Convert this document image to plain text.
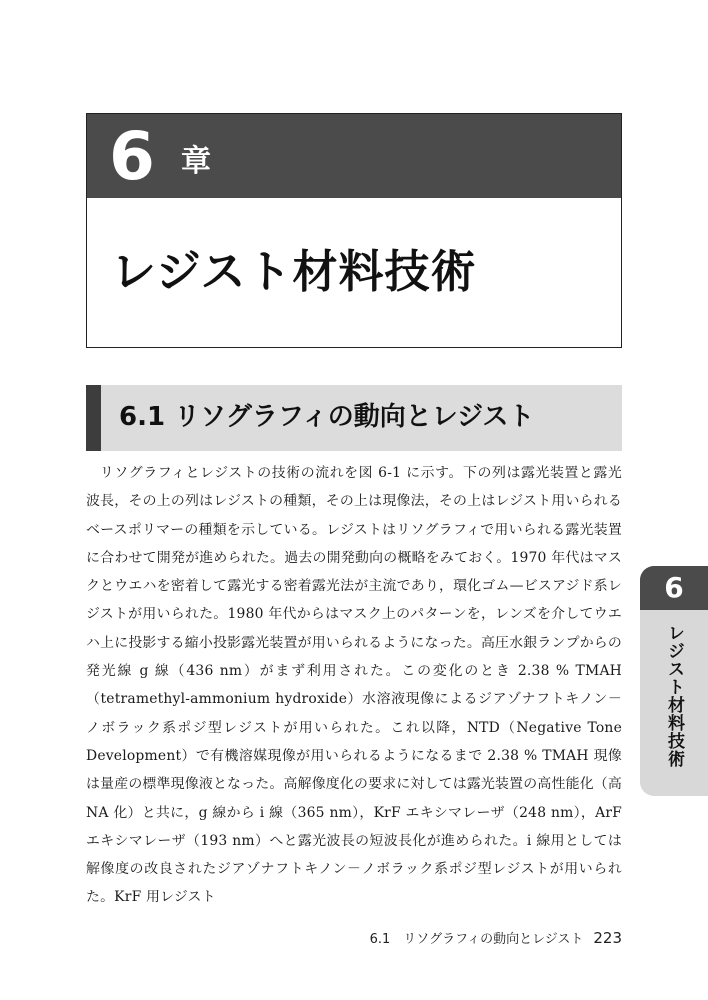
6 章
レジスト材料技術
6.1 リソグラフィの動向とレジスト

リソグラフィとレジストの技術の流れを図 6-1 に示す。下の列は露光装置と露光波長，その上の列はレジストの種類，その上は現像法，その上はレジスト用いられるベースポリマーの種類を示している。レジストはリソグラフィで用いられる露光装置に合わせて開発が進められた。過去の開発動向の概略をみておく。1970 年代はマスクとウエハを密着して露光する密着露光法が主流であり，環化ゴム—ビスアジド系レジストが用いられた。1980 年代からはマスク上のパターンを，レンズを介してウエハ上に投影する縮小投影露光装置が用いられるようになった。高圧水銀ランプからの発光線 g 線（436 nm）がまず利用された。この変化のとき 2.38 % TMAH（tetramethyl-ammonium hydroxide）水溶液現像によるジアゾナフトキノン－ノボラック系ポジ型レジストが用いられた。これ以降，NTD（Negative Tone Development）で有機溶媒現像が用いられるようになるまで 2.38 % TMAH 現像は量産の標準現像液となった。高解像度化の要求に対しては露光装置の高性能化（高 NA 化）と共に，g 線から i 線（365 nm），KrF エキシマレーザ（248 nm），ArF エキシマレーザ（193 nm）へと露光波長の短波長化が進められた。i 線用としては解像度の改良されたジアゾナフトキノン－ノボラック系ポジ型レジストが用いられた。KrF 用レジスト

6
レジスト材料技術
6.1　リソグラフィの動向とレジスト 223
